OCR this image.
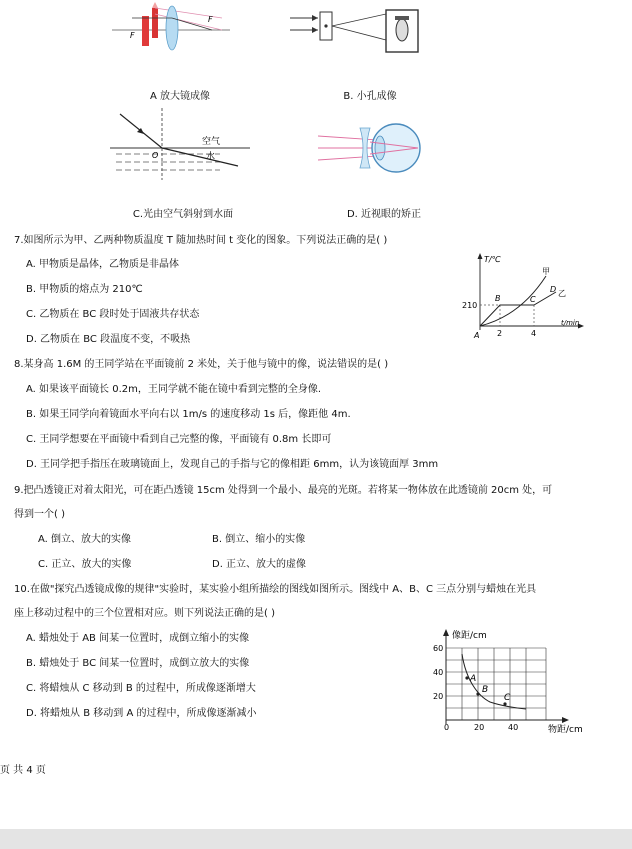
F
F
A 放大镜成像	B. 小孔成像
空气
水
O
C.光由空气斜射到水面	D. 近视眼的矫正
7.如图所示为甲、乙两种物质温度 T 随加热时间 t 变化的图象。下列说法正确的是( )
A. 甲物质是晶体，乙物质是非晶体
B. 甲物质的熔点为 210℃
C. 乙物质在 BC 段时处于固液共存状态
D. 乙物质在 BC 段温度不变，不吸热
T/℃
t/min
210
2	4
A
B	C
D
甲
乙
8.某身高 1.6M 的王同学站在平面镜前 2 米处，关于他与镜中的像，说法错误的是( )
A. 如果该平面镜长 0.2m，王同学就不能在镜中看到完整的全身像.
B. 如果王同学向着镜面水平向右以 1m/s 的速度移动 1s 后，像距他 4m.
C. 王同学想要在平面镜中看到自己完整的像，平面镜有 0.8m 长即可
D. 王同学把手指压在玻璃镜面上，发现自己的手指与它的像相距 6mm，认为该镜面厚 3mm
9.把凸透镜正对着太阳光，可在距凸透镜 15cm 处得到一个最小、最亮的光斑。若将某一物体放在此透镜前 20cm 处，可
得到一个( )
A. 倒立、放大的实像	B. 倒立、缩小的实像
C. 正立、放大的实像	D. 正立、放大的虚像
10.在做"探究凸透镜成像的规律"实验时，某实验小组所描绘的图线如图所示。图线中 A、B、C 三点分别与蜡烛在光具
座上移动过程中的三个位置相对应。则下列说法正确的是( )
A. 蜡烛处于 AB 间某一位置时，成倒立缩小的实像
B. 蜡烛处于 BC 间某一位置时，成倒立放大的实像
C. 将蜡烛从 C 移动到 B 的过程中，所成像逐渐增大
D. 将蜡烛从 B 移动到 A 的过程中，所成像逐渐减小
像距/cm
物距/cm
60
40
20
0	20	40
A
B
C
页 共 4 页
